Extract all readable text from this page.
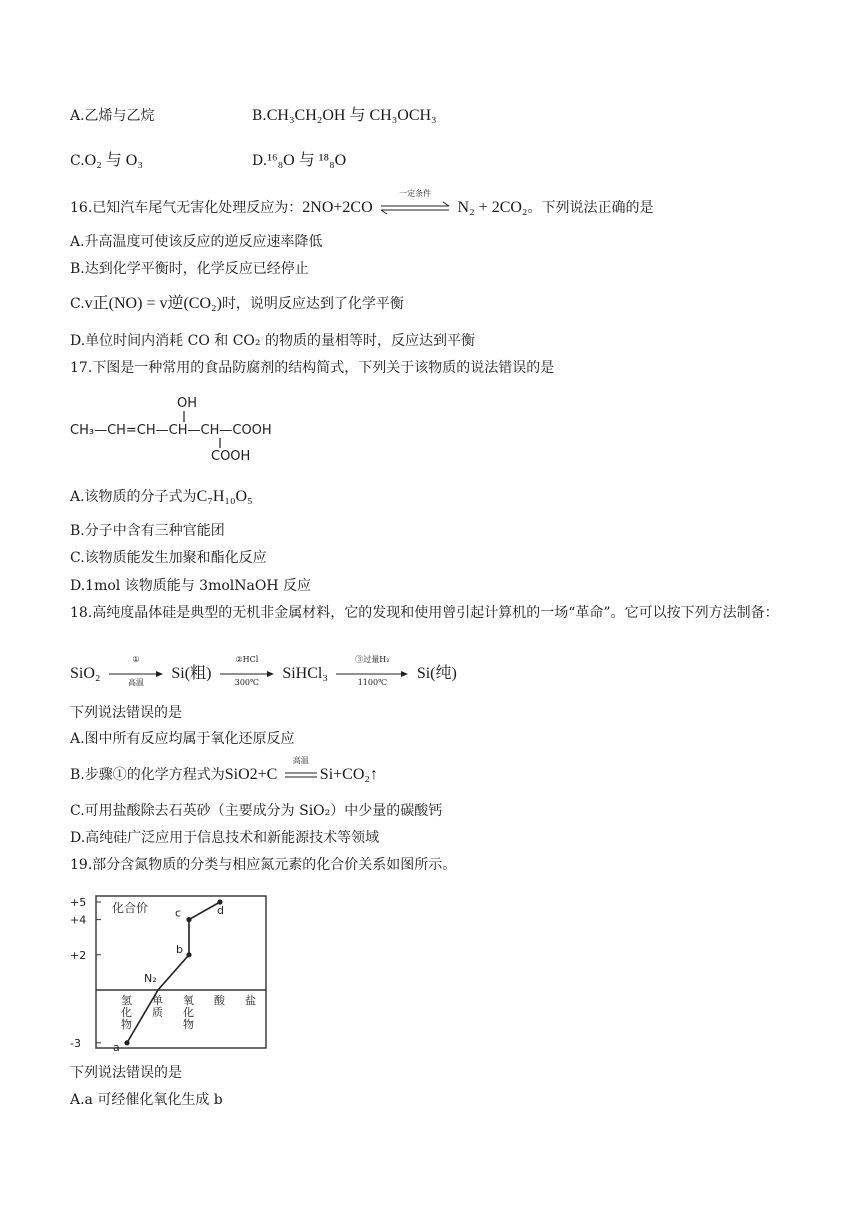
A.乙烯与乙烷	B.CH₃CH₂OH 与 CH₃OCH₃
C.O₂ 与 O₃	D.¹⁶₈O 与 ¹⁸₈O
16.已知汽车尾气无害化处理反应为：2NO+2CO
一定条件
N₂ + 2CO₂。下列说法正确的是
A.升高温度可使该反应的逆反应速率降低
B.达到化学平衡时，化学反应已经停止
C.v正(NO) = v逆(CO₂)时，说明反应达到了化学平衡
D.单位时间内消耗 CO 和 CO₂ 的物质的量相等时，反应达到平衡
17.下图是一种常用的食品防腐剂的结构简式，下列关于该物质的说法错误的是
OH
CH₃—CH=CH—CH—CH—COOH
COOH
A.该物质的分子式为C₇H₁₀O₅
B.分子中含有三种官能团
C.该物质能发生加聚和酯化反应
D.1mol 该物质能与 3molNaOH 反应
18.高纯度晶体硅是典型的无机非金属材料，它的发现和使用曾引起计算机的一场“革命”。它可以按下列方法制备：
SiO₂
①
高温
Si(粗)
②HCl
300℃
SiHCl₃
③过量H₂
1100℃
Si(纯)
下列说法错误的是
A.图中所有反应均属于氧化还原反应
B.步骤①的化学方程式为SiO2+C
高温
Si+CO₂↑
C.可用盐酸除去石英砂（主要成分为 SiO₂）中少量的碳酸钙
D.高纯硅广泛应用于信息技术和新能源技术等领域
19.部分含氮物质的分类与相应氮元素的化合价关系如图所示。
化合价
+5
+4
+2
-3
氢
化
物
单
质
氧
化
物
酸 盐
a
N₂
b
c	d
下列说法错误的是
A.a 可经催化氧化生成 b
